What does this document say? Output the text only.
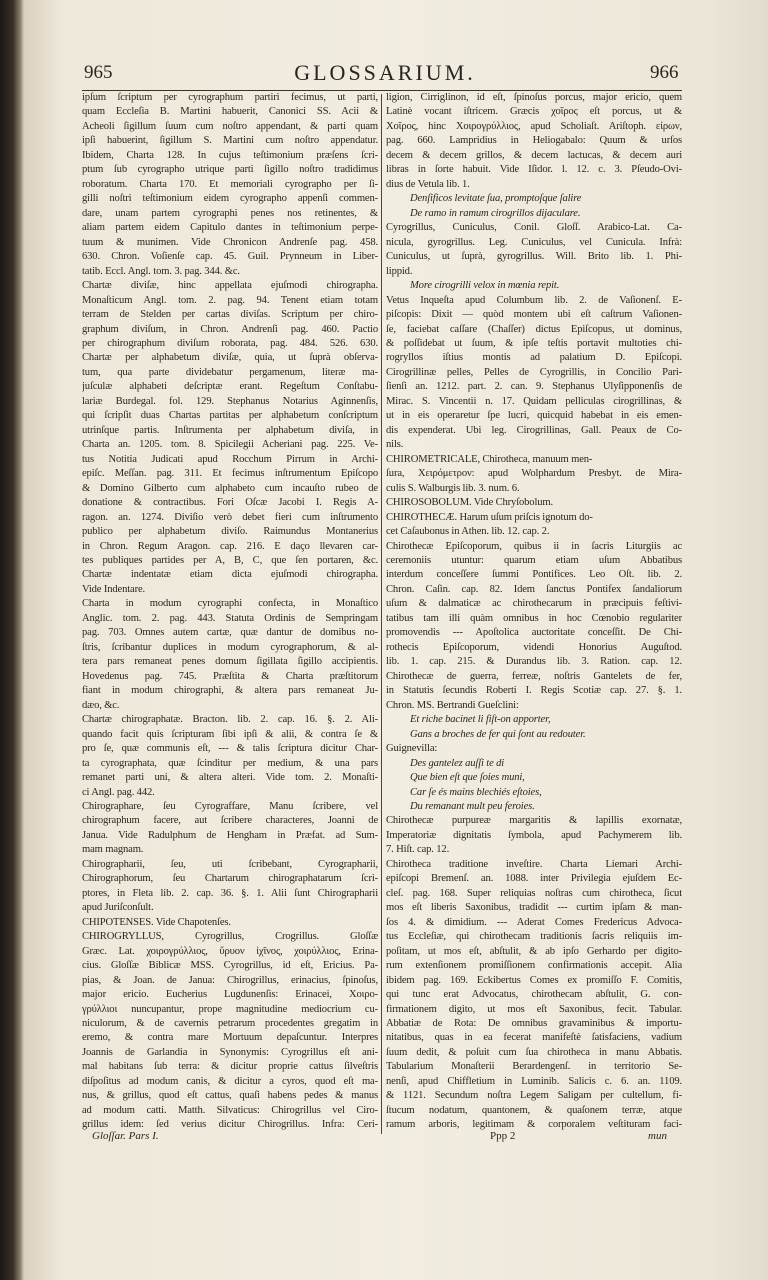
965	GLOSSARIUM.	966
ipſum ſcriptum per cyrographum partiri fecimus, ut parti,
quam Eccleſia B. Martini habuerit, Canonici SS. Acii &
Acheoli ſigillum ſuum cum noſtro appendant, & parti quam
ipſi habuerint, ſigillum S. Martini cum noſtro appendatur.
Ibidem, Charta 128. In cujus teſtimonium præſens ſcri-
ptum ſub cyrographo utrique parti ſigillo noſtro tradidimus
roboratum. Charta 170. Et memoriali cyrographo per ſi-
gilli noſtri teſtimonium eidem cyrographo appenſi commen-
dare, unam partem cyrographi penes nos retinentes, &
aliam partem eidem Capitulo dantes in teſtimonium perpe-
tuum & munimen. Vide Chronicon Andrenſe pag. 458.
630. Chron. Voſienſe cap. 45. Guil. Prynneum in Liber-
tatib. Eccl. Angl. tom. 3. pag. 344. &c.
Chartæ diviſæ, hinc appellata ejuſmodi chirographa.
Monaſticum Angl. tom. 2. pag. 94. Tenent etiam totam
terram de Stelden per cartas diviſas. Scriptum per chiro-
graphum diviſum, in Chron. Andrenſi pag. 460. Pactio
per chirographum diviſum roborata, pag. 484. 526. 630.
Chartæ per alphabetum diviſæ, quia, ut ſuprà obſerva-
tum, qua parte dividebatur pergamenum, literæ ma-
juſculæ alphabeti deſcriptæ erant. Regeſtum Conſtabu-
lariæ Burdegal. fol. 129. Stephanus Notarius Aginnenſis,
qui ſcripſit duas Chartas partitas per alphabetum conſcriptum
utrinſque partis. Inſtrumenta per alphabetum diviſa, in
Charta an. 1205. tom. 8. Spicilegii Acheriani pag. 225. Ve-
tus Notitia Judicati apud Rocchum Pirrum in Archi-
epiſc. Meſſan. pag. 311. Et fecimus inſtrumentum Epiſcopo
& Domino Gilberto cum alphabeto cum incauſto rubeo de
donatione & contractibus. Fori Oſcæ Jacobi I. Regis A-
ragon. an. 1274. Diviſio verò debet fieri cum inſtrumento
publico per alphabetum diviſo. Raimundus Montanerius
in Chron. Regum Aragon. cap. 216. E daço llevaren car-
tes publiques partides per A, B, C, que ſen portaren, &c.
Chartæ indentatæ etiam dicta ejuſmodi chirographa.
Vide Indentare.
Charta in modum cyrographi confecta, in Monaſtico
Anglic. tom. 2. pag. 443. Statuta Ordinis de Sempringam
pag. 703. Omnes autem cartæ, quæ dantur de domibus no-
ſtris, ſcribantur duplices in modum cyrographorum, & al-
tera pars remaneat penes domum ſigillata ſigillo accipientis.
Hovedenus pag. 745. Præſtita & Charta præſtitorum
fiant in modum chirographi, & altera pars remaneat Ju-
dæo, &c.
Chartæ chirographatæ. Bracton. lib. 2. cap. 16. §. 2. Ali-
quando facit quis ſcripturam ſibi ipſi & alii, & contra ſe &
pro ſe, quæ communis eſt, --- & talis ſcriptura dicitur Char-
ta cyrographata, quæ ſcinditur per medium, & una pars
remanet parti uni, & altera alteri. Vide tom. 2. Monaſti-
ci Angl. pag. 442.
Chirographare, ſeu Cyrograffare, Manu ſcribere, vel
chirographum facere, aut ſcribere characteres, Joanni de
Janua. Vide Radulphum de Hengham in Præfat. ad Sum-
mam magnam.
Chirographarii, ſeu, uti ſcribebant, Cyrographarii,
Chirographorum, ſeu Chartarum chirographatarum ſcri-
ptores, in Fleta lib. 2. cap. 36. §. 1. Alii ſunt Chirographarii
apud Juriſconſult.
CHIPOTENSES. Vide Chapotenſes.
CHIROGRYLLUS, Cyrogrillus, Crogrillus. Gloſſæ
Græc. Lat. χοιρογρύλλιος, ὕρυον ἰχῖνος, χοιρύλλιος, Erina-
cius. Gloſſæ Biblicæ MSS. Cyrogrillus, id eſt, Ericius. Pa-
pias, & Joan. de Janua: Chirogrillus, erinacius, ſpinoſus,
major ericio. Eucherius Lugdunenſis: Erinacei, Χοιρο-
γρύλλιοι nuncupantur, prope magnitudine mediocrium cu-
niculorum, & de cavernis petrarum procedentes gregatim in
eremo, & contra mare Mortuum depaſcuntur. Interpres
Joannis de Garlandia in Synonymis: Cyrogrillus eſt ani-
mal habitans ſub terra: & dicitur proprie cattus ſilveſtris
diſpoſitus ad modum canis, & dicitur a cyros, quod eſt ma-
nus, & grillus, quod eſt cattus, quaſi habens pedes & manus
ad modum catti. Matth. Silvaticus: Chirogrillus vel Ciro-
grillus idem: ſed verius dicitur Chirogrillus. Infra: Ceri-
ligion, Cirriglinon, id eſt, ſpinoſus porcus, major ericio, quem
Latinè vocant iſtricem. Græcis χοῖρος eſt porcus, ut &
Χοῖρος, hinc Χοιρογρύλλιος, apud Scholiaſt. Ariſtoph. εἰρων,
pag. 660. Lampridius in Heliogabalo: Quum & urſos
decem & decem grillos, & decem lactucas, & decem auri
libras in ſorte habuit. Vide Iſidor. l. 12. c. 3. Pſeudo-Ovi-
dius de Vetula lib. 1.
Denſificos levitate ſua, promptoſque ſalire
De ramo in ramum cirogrillos dijaculare.
Cyrogrillus, Cuniculus, Conil. Gloſſ. Arabico-Lat. Ca-
nicula, gyrogrillus. Leg. Cuniculus, vel Cunicula. Infrà:
Cuniculus, ut ſuprà, gyrogrillus. Will. Brito lib. 1. Phi-
lippid.
More cirogrilli velox in mœnia repit.
Vetus Inqueſta apud Columbum lib. 2. de Vaſionenſ. E-
piſcopis: Dixit — quòd montem ubi eſt caſtrum Vaſionen-
ſe, faciebat caſſare (Chaſſer) dictus Epiſcopus, ut dominus,
& poſſidebat ut ſuum, & ipſe teſtis portavit multoties chi-
rogryllos iſtius montis ad palatium D. Epiſcopi.
Cirogrillinæ pelles, Pelles de Cyrogrillis, in Concilio Pari-
ſienſi an. 1212. part. 2. can. 9. Stephanus Ulyſipponenſis de
Mirac. S. Vincentii n. 17. Quidam pelliculas cirogrillinas, &
ut in eis operaretur ſpe lucri, quicquid habebat in eis emen-
dis expenderat. Ubi leg. Cirogrillinas, Gall. Peaux de Co-
nils.
CHIROMETRICALE, Chirotheca, manuum men-
ſura, Χειρόμετρον: apud Wolphardum Presbyt. de Mira-
culis S. Walburgis lib. 3. num. 6.
CHIROSOBOLUM. Vide Chryſobolum.
CHIROTHECÆ. Harum uſum priſcis ignotum do-
cet Caſaubonus in Athen. lib. 12. cap. 2.
Chirothecæ Epiſcoporum, quibus ii in ſacris Liturgiis ac
ceremoniis utuntur: quarum etiam uſum Abbatibus
interdum conceſſere ſummi Pontifices. Leo Oſt. lib. 2.
Chron. Caſin. cap. 82. Idem ſanctus Pontifex ſandaliorum
uſum & dalmaticæ ac chirothecarum in præcipuis feſtivi-
tatibus tam illi quàm omnibus in hoc Cœnobio regulariter
promovendis --- Apoſtolica auctoritate conceſſit. De Chi-
rothecis Epiſcoporum, videndi Honorius Auguſtod.
lib. 1. cap. 215. & Durandus lib. 3. Ration. cap. 12.
Chirothecæ de guerra, ferreæ, noſtris Gantelets de fer,
in Statutis ſecundis Roberti I. Regis Scotiæ cap. 27. §. 1.
Chron. MS. Bertrandi Gueſclini:
Et riche bacinet li fiſt-on apporter,
Gans a broches de fer qui ſont au redouter.
Guignevilla:
Des gantelez auſſi te di
Que bien eſt que ſoies muni,
Car ſe és mains blechiés eſtoies,
Du remanant mult peu feroies.
Chirothecæ purpureæ margaritis & lapillis exornatæ,
Imperatoriæ dignitatis ſymbola, apud Pachymerem lib.
7. Hiſt. cap. 12.
Chirotheca traditione inveſtire. Charta Liemari Archi-
epiſcopi Bremenſ. an. 1088. inter Privilegia ejuſdem Ec-
cleſ. pag. 168. Super reliquias noſtras cum chirotheca, ſicut
mos eſt liberis Saxonibus, tradidit --- curtim ipſam & man-
ſos 4. & dimidium. --- Aderat Comes Fredericus Advoca-
tus Eccleſiæ, qui chirothecam traditionis ſacris reliquiis im-
poſitam, ut mos eſt, abſtulit, & ab ipſo Gerhardo per digito-
rum extenſionem promiſſionem confirmationis accepit. Alia
ibidem pag. 169. Eckibertus Comes ex promiſſo F. Comitis,
qui tunc erat Advocatus, chirothecam abſtulit, G. con-
firmationem digito, ut mos eſt Saxonibus, fecit. Tabular.
Abbatiæ de Rota: De omnibus gravaminibus & importu-
nitatibus, quas in ea fecerat manifeſtè ſatisfaciens, vadium
ſuum dedit, & poſuit cum ſua chirotheca in manu Abbatis.
Tabularium Monaſterii Berardengenſ. in territorio Se-
nenſi, apud Chiffletium in Luminib. Salicis c. 6. an. 1109.
& 1121. Secundum noſtra Legem Saligam per cultellum, fi-
ſtucum nodatum, quantonem, & quaſonem terræ, atque
ramum arboris, legitimam & corporalem veſtituram faci-
Gloſſar. Pars I.	Ppp 2	mun
